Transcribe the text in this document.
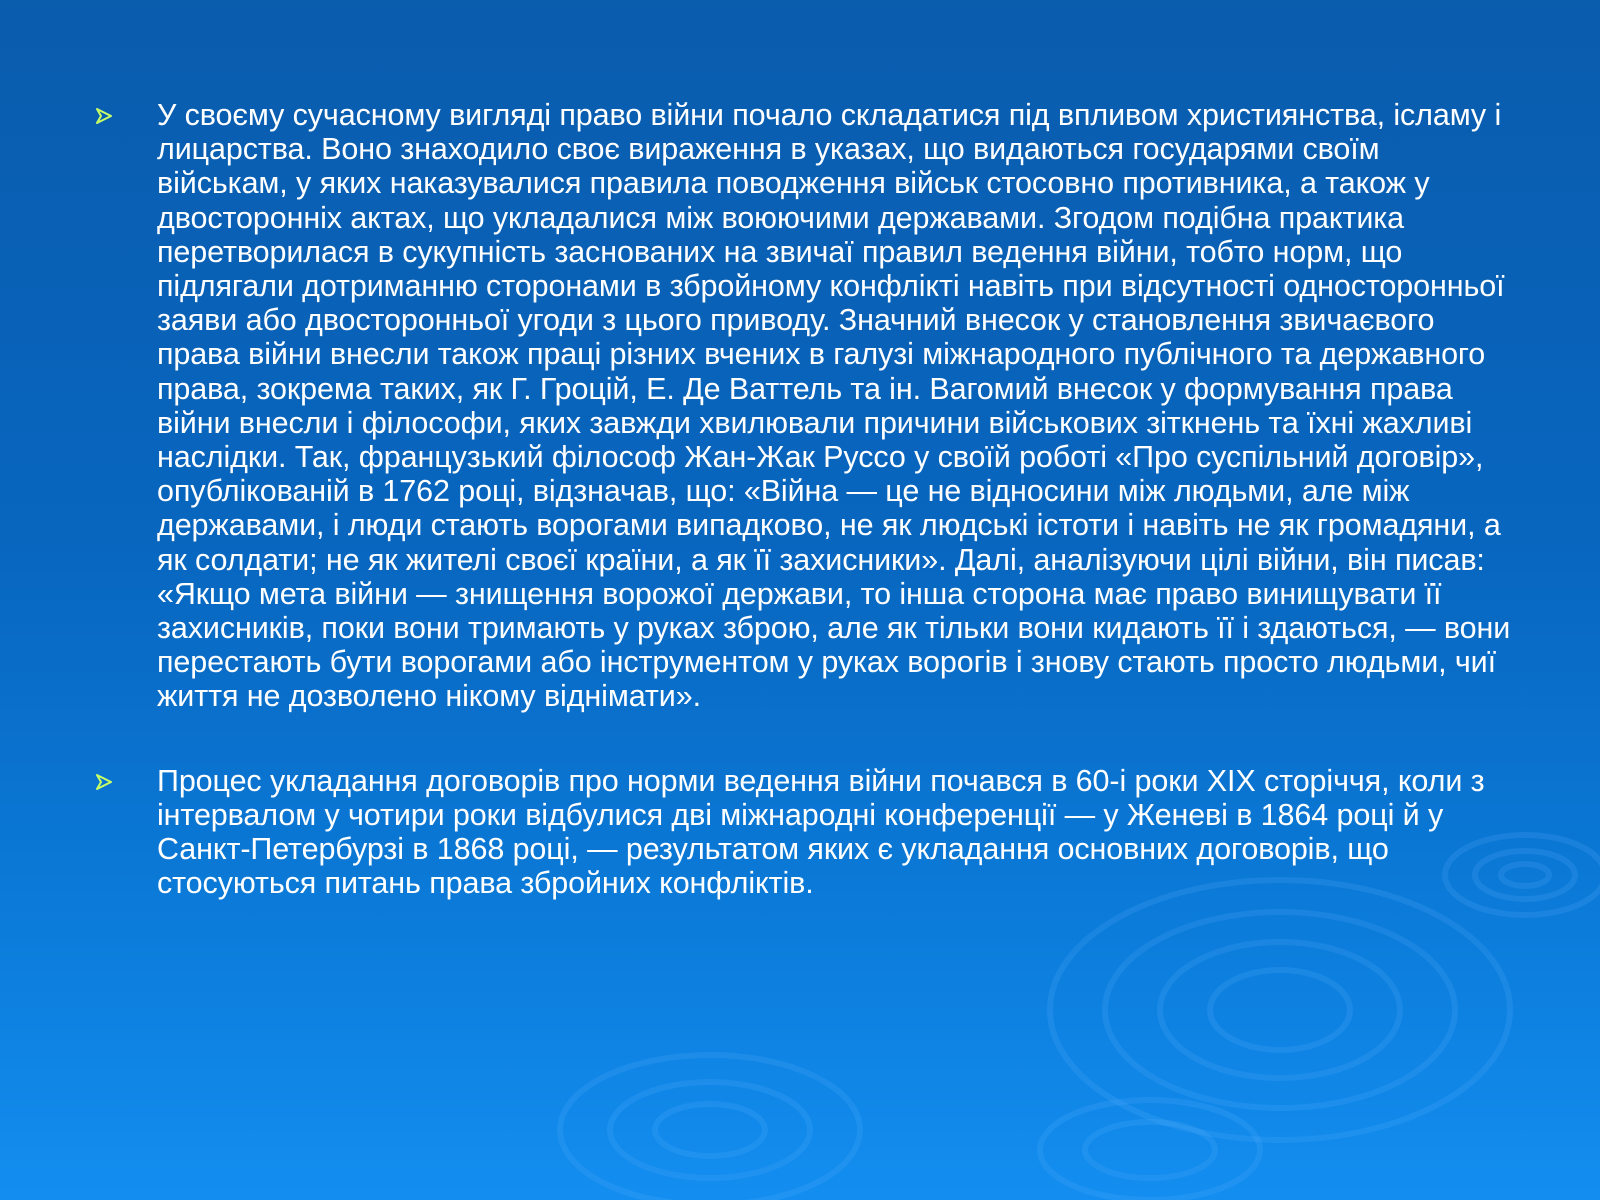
У своєму сучасному вигляді право війни почало складатися під впливом християнства, ісламу і лицарства. Воно знаходило своє вираження в указах, що видаються государями своїм військам, у яких наказувалися правила поводження військ стосовно противника, а також у двосторонніх актах, що укладалися між воюючими державами. Згодом подібна практика перетворилася в сукупність заснованих на звичаї правил ведення війни, тобто норм, що підлягали дотриманню сторонами в збройному конфлікті навіть при відсутності односторонньої заяви або двосторонньої угоди з цього приводу. Значний внесок у становлення звичаєвого права війни внесли також праці різних вчених в галузі міжнародного публічного та державного права, зокрема таких, як Г. Гроцій, Е. Де Ваттель та ін. Вагомий внесок у формування права війни внесли і філософи, яких завжди хвилювали причини військових зіткнень та їхні жахливі наслідки. Так, французький філософ Жан-Жак Руссо у своїй роботі «Про суспільний договір», опублікованій в 1762 році, відзначав, що: «Війна — це не відносини між людьми, але між державами, і люди стають ворогами випадково, не як людські істоти і навіть не як громадяни, а як солдати; не як жителі своєї країни, а як її захисники». Далі, аналізуючи цілі війни, він писав: «Якщо мета війни — знищення ворожої держави, то інша сторона має право винищувати її захисників, поки вони тримають у руках зброю, але як тільки вони кидають її і здаються, — вони перестають бути ворогами або інструментом у руках ворогів і знову стають просто людьми, чиї життя не дозволено нікому віднімати».
Процес укладання договорів про норми ведення війни почався в 60-і роки XIX сторіччя, коли з інтервалом у чотири роки відбулися дві міжнародні конференції — у Женеві в 1864 році й у Санкт-Петербурзі в 1868 році, — результатом яких є укладання основних договорів, що стосуються питань права збройних конфліктів.
